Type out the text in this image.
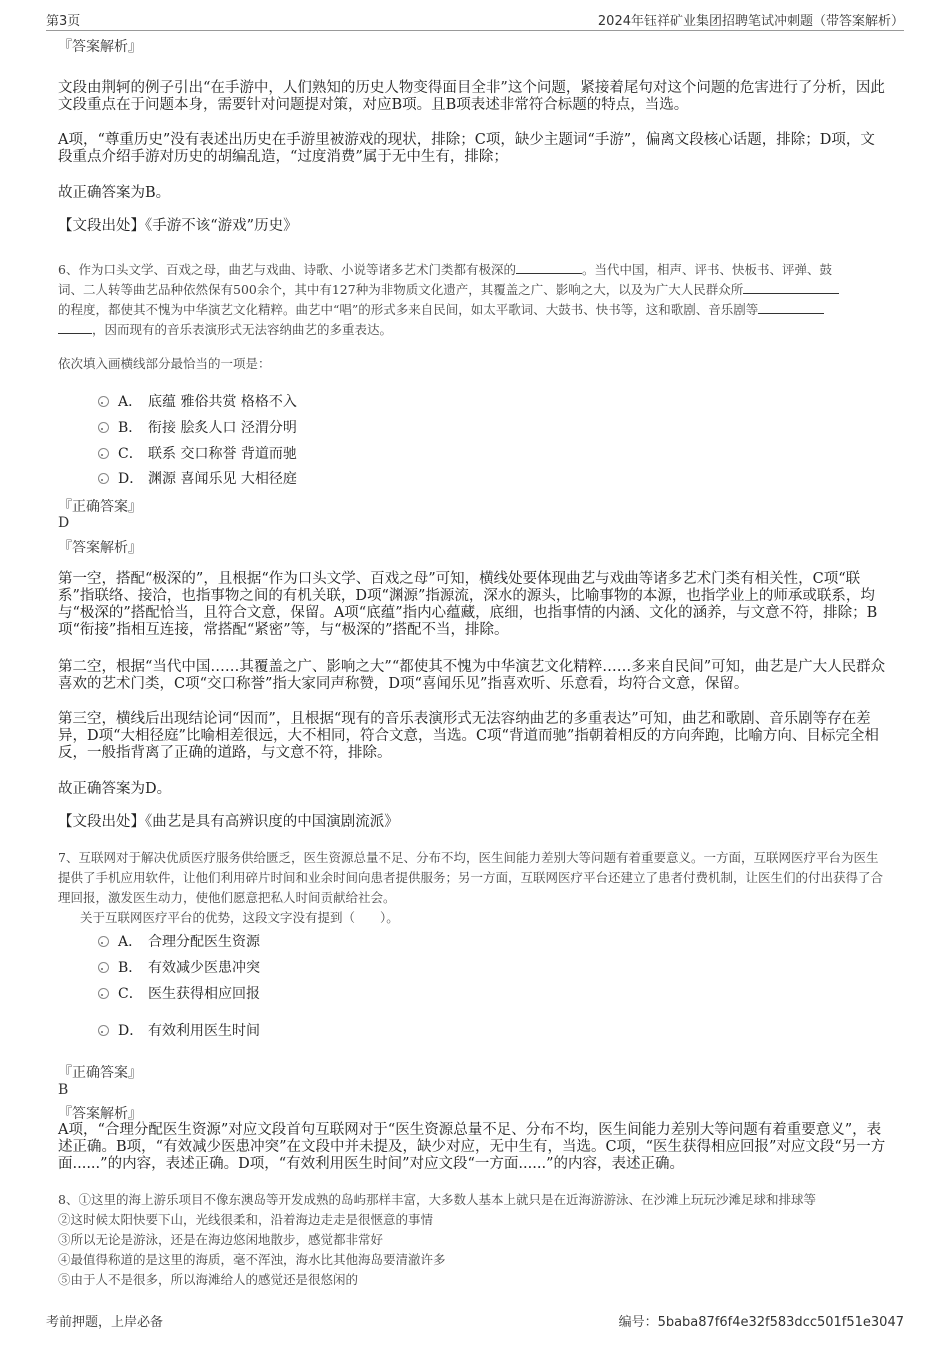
第3页	2024年钰祥矿业集团招聘笔试冲刺题（带答案解析）

『答案解析』

文段由荆轲的例子引出“在手游中，人们熟知的历史人物变得面目全非”这个问题，紧接着尾句对这个问题的危害进行了分析，因此文段重点在于问题本身，需要针对问题提对策，对应B项。且B项表述非常符合标题的特点，当选。

A项，“尊重历史”没有表述出历史在手游里被游戏的现状，排除；C项，缺少主题词“手游”，偏离文段核心话题，排除；D项，文段重点介绍手游对历史的胡编乱造，“过度消费”属于无中生有，排除；

故正确答案为B。

【文段出处】《手游不该“游戏”历史》

6、作为口头文学、百戏之母，曲艺与戏曲、诗歌、小说等诸多艺术门类都有极深的	。当代中国，相声、评书、快板书、评弹、鼓
词、二人转等曲艺品种依然保有500余个，其中有127种为非物质文化遗产，其覆盖之广、影响之大，以及为广大人民群众所
的程度，都使其不愧为中华演艺文化精粹。曲艺中“唱”的形式多来自民间，如太平歌词、大鼓书、快书等，这和歌剧、音乐剧等
，因而现有的音乐表演形式无法容纳曲艺的多重表达。

依次填入画横线部分最恰当的一项是：

A． 底蕴 雅俗共赏 格格不入
B． 衔接 脍炙人口 泾渭分明
C． 联系 交口称誉 背道而驰
D． 渊源 喜闻乐见 大相径庭

『正确答案』

D

『答案解析』

第一空，搭配“极深的”，且根据“作为口头文学、百戏之母”可知，横线处要体现曲艺与戏曲等诸多艺术门类有相关性，C项“联系”指联络、接洽，也指事物之间的有机关联，D项“渊源”指源流，深水的源头，比喻事物的本源，也指学业上的师承或联系，均与“极深的”搭配恰当，且符合文意，保留。A项“底蕴”指内心蕴藏，底细，也指事情的内涵、文化的涵养，与文意不符，排除；B项“衔接”指相互连接，常搭配“紧密”等，与“极深的”搭配不当，排除。

第二空，根据“当代中国……其覆盖之广、影响之大”“都使其不愧为中华演艺文化精粹……多来自民间”可知，曲艺是广大人民群众喜欢的艺术门类，C项“交口称誉”指大家同声称赞，D项“喜闻乐见”指喜欢听、乐意看，均符合文意，保留。

第三空，横线后出现结论词“因而”，且根据“现有的音乐表演形式无法容纳曲艺的多重表达”可知，曲艺和歌剧、音乐剧等存在差异，D项“大相径庭”比喻相差很远，大不相同，符合文意，当选。C项“背道而驰”指朝着相反的方向奔跑，比喻方向、目标完全相反，一般指背离了正确的道路，与文意不符，排除。

故正确答案为D。

【文段出处】《曲艺是具有高辨识度的中国演剧流派》

7、互联网对于解决优质医疗服务供给匮乏，医生资源总量不足、分布不均，医生间能力差别大等问题有着重要意义。一方面，互联网医疗平台为医生提供了手机应用软件，让他们利用碎片时间和业余时间向患者提供服务；另一方面，互联网医疗平台还建立了患者付费机制，让医生们的付出获得了合理回报，激发医生动力，使他们愿意把私人时间贡献给社会。

关于互联网医疗平台的优势，这段文字没有提到（　　）。

A． 合理分配医生资源
B． 有效减少医患冲突
C． 医生获得相应回报
D． 有效利用医生时间

『正确答案』

B

『答案解析』

A项，“合理分配医生资源”对应文段首句互联网对于“医生资源总量不足、分布不均，医生间能力差别大等问题有着重要意义”，表述正确。B项，“有效减少医患冲突”在文段中并未提及，缺少对应，无中生有，当选。C项，“医生获得相应回报”对应文段“另一方面......”的内容，表述正确。D项，“有效利用医生时间”对应文段“一方面......”的内容，表述正确。

8、①这里的海上游乐项目不像东澳岛等开发成熟的岛屿那样丰富，大多数人基本上就只是在近海游游泳、在沙滩上玩玩沙滩足球和排球等
②这时候太阳快要下山，光线很柔和，沿着海边走走是很惬意的事情
③所以无论是游泳，还是在海边悠闲地散步，感觉都非常好
④最值得称道的是这里的海质，毫不浑浊，海水比其他海岛要清澈许多
⑤由于人不是很多，所以海滩给人的感觉还是很悠闲的
考前押题，上岸必备	编号：5baba87f6f4e32f583dcc501f51e3047
